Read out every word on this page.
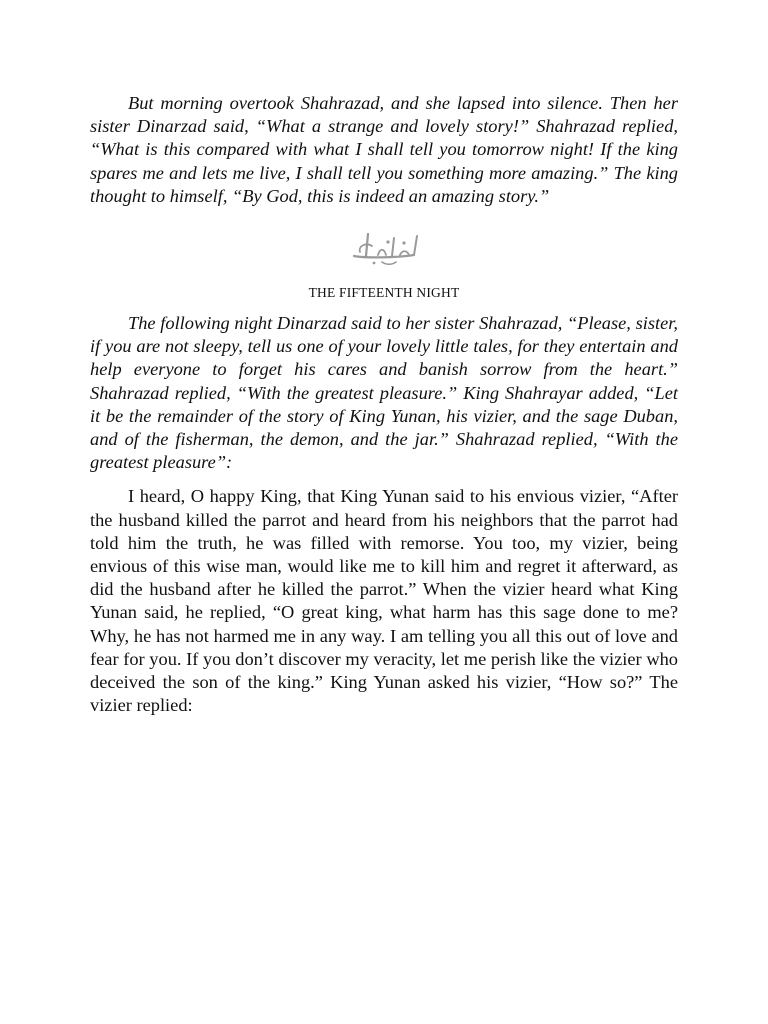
But morning overtook Shahrazad, and she lapsed into silence. Then her sister Dinarzad said, “What a strange and lovely story!” Shahrazad replied, “What is this compared with what I shall tell you tomorrow night! If the king spares me and lets me live, I shall tell you something more amazing.” The king thought to himself, “By God, this is indeed an amazing story.”

THE FIFTEENTH NIGHT

The following night Dinarzad said to her sister Shahrazad, “Please, sister, if you are not sleepy, tell us one of your lovely little tales, for they entertain and help everyone to forget his cares and banish sorrow from the heart.” Shahrazad replied, “With the greatest pleasure.” King Shahrayar added, “Let it be the remainder of the story of King Yunan, his vizier, and the sage Duban, and of the fisherman, the demon, and the jar.” Shahrazad replied, “With the greatest pleasure”:

I heard, O happy King, that King Yunan said to his envious vizier, “After the husband killed the parrot and heard from his neighbors that the parrot had told him the truth, he was filled with remorse. You too, my vizier, being envious of this wise man, would like me to kill him and regret it afterward, as did the husband after he killed the parrot.” When the vizier heard what King Yunan said, he replied, “O great king, what harm has this sage done to me? Why, he has not harmed me in any way. I am telling you all this out of love and fear for you. If you don’t discover my veracity, let me perish like the vizier who deceived the son of the king.” King Yunan asked his vizier, “How so?” The vizier replied:
